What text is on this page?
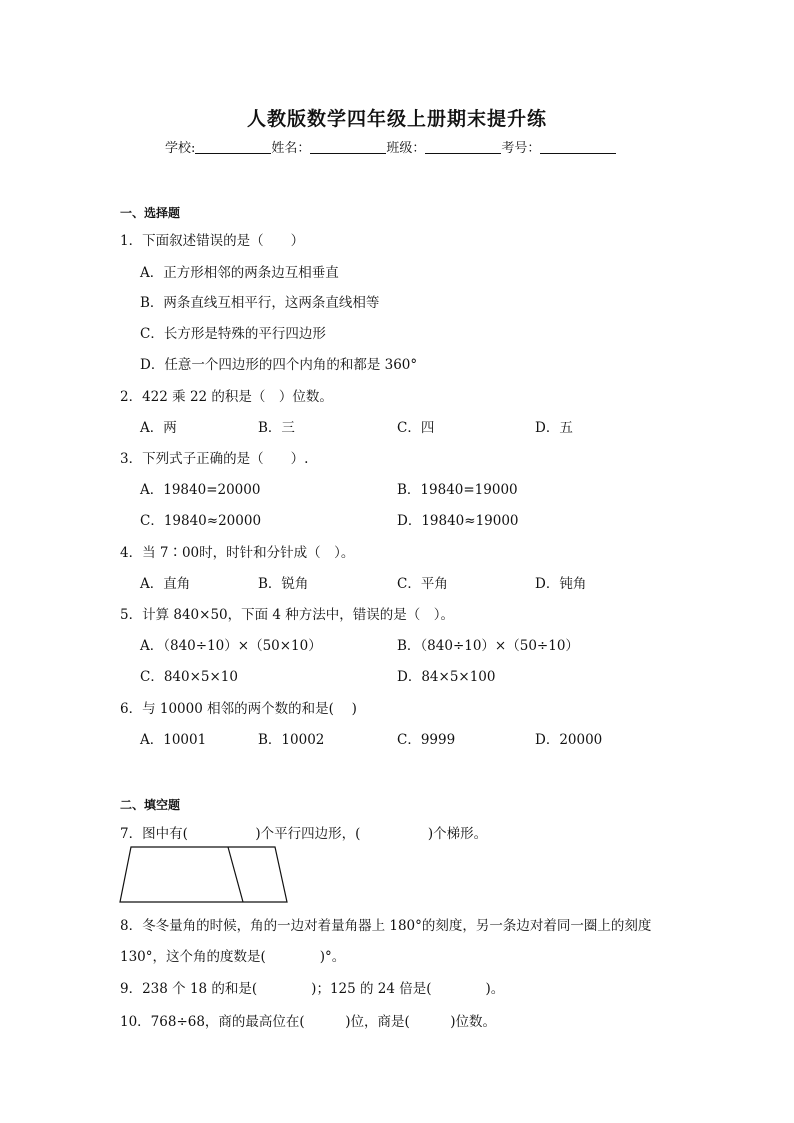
人教版数学四年级上册期末提升练
学校:	姓名：	班级：	考号：
一、选择题
1．下面叙述错误的是（　　）
A．正方形相邻的两条边互相垂直
B．两条直线互相平行，这两条直线相等
C．长方形是特殊的平行四边形
D．任意一个四边形的四个内角的和都是 360°
2．422 乘 22 的积是（　）位数。
A．两	B．三	C．四	D．五
3．下列式子正确的是（　　）.
A．19840=20000	B．19840=19000
C．19840≈20000	D．19840≈19000
4．当 7∶00时，时针和分针成（　）。
A．直角	B．锐角	C．平角	D．钝角
5．计算 840×50，下面 4 种方法中，错误的是（　）。
A．（840÷10）×（50×10）	B．（840÷10）×（50÷10）
C．840×5×10	D．84×5×100
6．与 10000 相邻的两个数的和是(　 )
A．10001	B．10002	C．9999	D．20000
二、填空题
7．图中有(　　　　　)个平行四边形，(　　　　　)个梯形。
8．冬冬量角的时候，角的一边对着量角器上 180°的刻度，另一条边对着同一圈上的刻度
130°，这个角的度数是(　　　　)°。
9．238 个 18 的和是(　　　　)；125 的 24 倍是(　　　　)。
10．768÷68，商的最高位在(　　　)位，商是(　　　)位数。
